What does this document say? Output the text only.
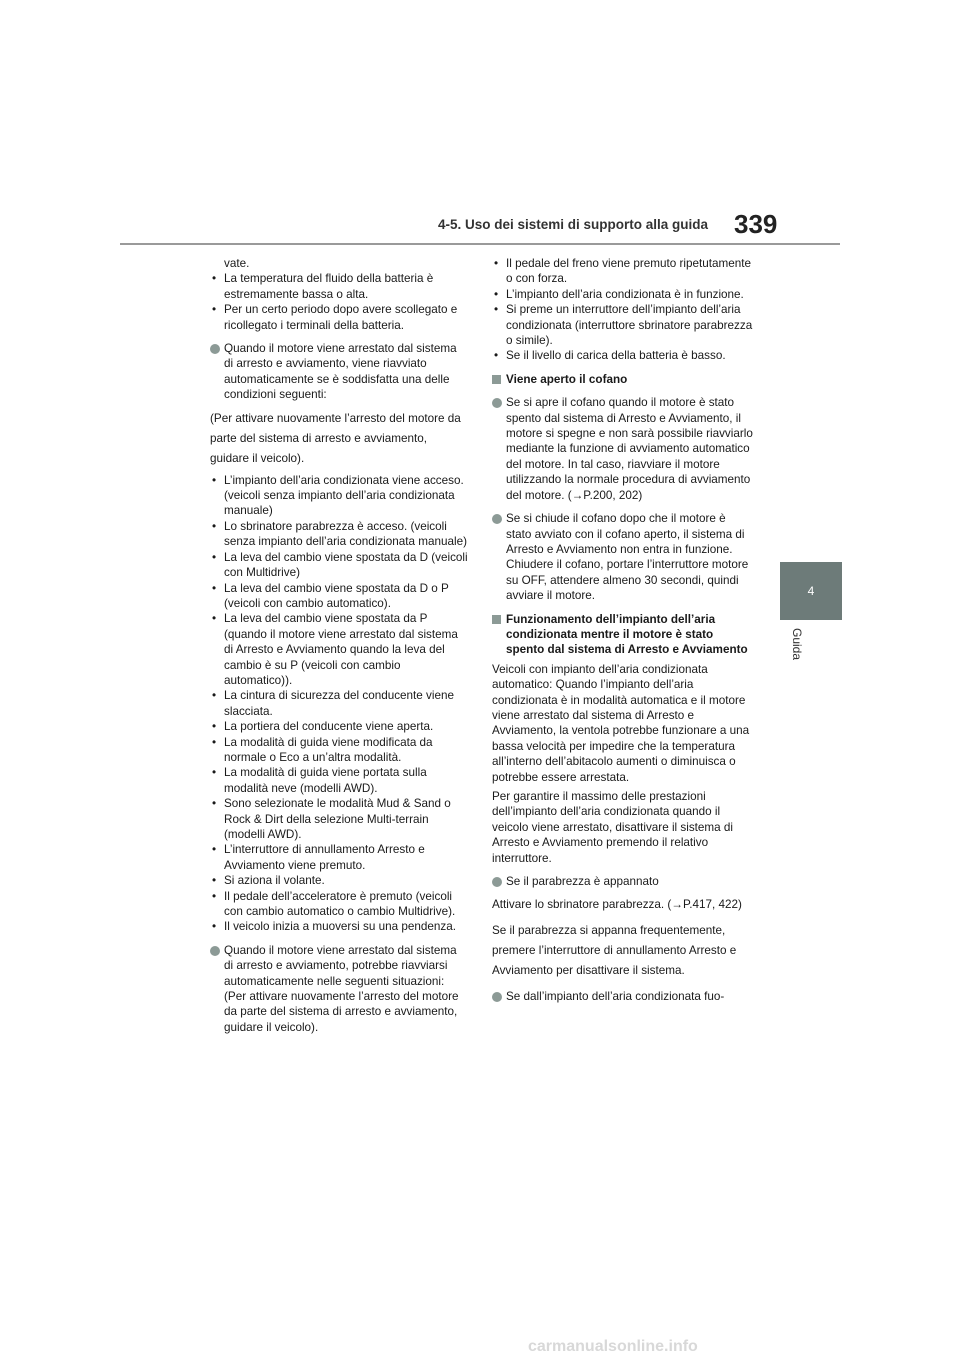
4-5. Uso dei sistemi di supporto alla guida 339
4
Guida
vate.
• La temperatura del fluido della batteria è estremamente bassa o alta.
• Per un certo periodo dopo avere scollegato e ricollegato i terminali della batteria.
Quando il motore viene arrestato dal sistema di arresto e avviamento, viene riavviato automaticamente se è soddisfatta una delle condizioni seguenti:
(Per attivare nuovamente l’arresto del motore da parte del sistema di arresto e avviamento, guidare il veicolo).
• L’impianto dell’aria condizionata viene acceso. (veicoli senza impianto dell’aria condizionata manuale)
• Lo sbrinatore parabrezza è acceso. (veicoli senza impianto dell’aria condizionata manuale)
• La leva del cambio viene spostata da D (veicoli con Multidrive)
• La leva del cambio viene spostata da D o P (veicoli con cambio automatico).
• La leva del cambio viene spostata da P (quando il motore viene arrestato dal sistema di Arresto e Avviamento quando la leva del cambio è su P (veicoli con cambio automatico)).
• La cintura di sicurezza del conducente viene slacciata.
• La portiera del conducente viene aperta.
• La modalità di guida viene modificata da normale o Eco a un’altra modalità.
• La modalità di guida viene portata sulla modalità neve (modelli AWD).
• Sono selezionate le modalità Mud & Sand o Rock & Dirt della selezione Multi-terrain (modelli AWD).
• L’interruttore di annullamento Arresto e Avviamento viene premuto.
• Si aziona il volante.
• Il pedale dell’acceleratore è premuto (veicoli con cambio automatico o cambio Multidrive).
• Il veicolo inizia a muoversi su una pendenza.
Quando il motore viene arrestato dal sistema di arresto e avviamento, potrebbe riavviarsi automaticamente nelle seguenti situazioni: (Per attivare nuovamente l’arresto del motore da parte del sistema di arresto e avviamento, guidare il veicolo).
• Il pedale del freno viene premuto ripetutamente o con forza.
• L’impianto dell’aria condizionata è in funzione.
• Si preme un interruttore dell’impianto dell’aria condizionata (interruttore sbrinatore parabrezza o simile).
• Se il livello di carica della batteria è basso.
Viene aperto il cofano
Se si apre il cofano quando il motore è stato spento dal sistema di Arresto e Avviamento, il motore si spegne e non sarà possibile riavviarlo mediante la funzione di avviamento automatico del motore. In tal caso, riavviare il motore utilizzando la normale procedura di avviamento del motore. (→P.200, 202)
Se si chiude il cofano dopo che il motore è stato avviato con il cofano aperto, il sistema di Arresto e Avviamento non entra in funzione. Chiudere il cofano, portare l’interruttore motore su OFF, attendere almeno 30 secondi, quindi avviare il motore.
Funzionamento dell’impianto dell’aria condizionata mentre il motore è stato spento dal sistema di Arresto e Avviamento
Veicoli con impianto dell’aria condizionata automatico: Quando l’impianto dell’aria condizionata è in modalità automatica e il motore viene arrestato dal sistema di Arresto e Avviamento, la ventola potrebbe funzionare a una bassa velocità per impedire che la temperatura all’interno dell’abitacolo aumenti o diminuisca o potrebbe essere arrestata.
Per garantire il massimo delle prestazioni dell’impianto dell’aria condizionata quando il veicolo viene arrestato, disattivare il sistema di Arresto e Avviamento premendo il relativo interruttore.
Se il parabrezza è appannato
Attivare lo sbrinatore parabrezza. (→P.417, 422)
Se il parabrezza si appanna frequentemente, premere l’interruttore di annullamento Arresto e Avviamento per disattivare il sistema.
Se dall’impianto dell’aria condizionata fuo-
carmanualsonline.info
